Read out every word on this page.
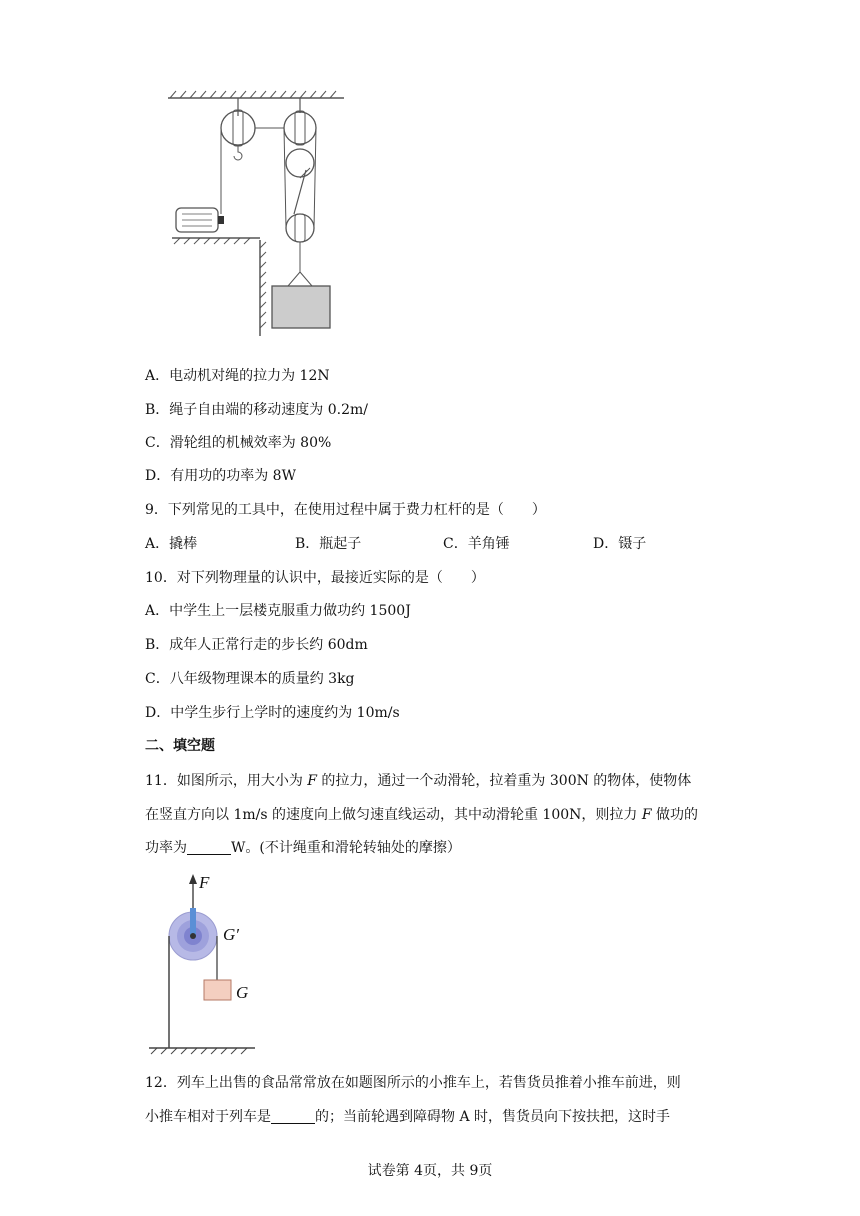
A．电动机对绳的拉力为 12N

B．绳子自由端的移动速度为 0.2m/

C．滑轮组的机械效率为 80%

D．有用功的功率为 8W

9．下列常见的工具中，在使用过程中属于费力杠杆的是（　　）

A．撬棒	B．瓶起子	C．羊角锤	D．镊子

10．对下列物理量的认识中，最接近实际的是（　　）

A．中学生上一层楼克服重力做功约 1500J

B．成年人正常行走的步长约 60dm

C．八年级物理课本的质量约 3kg

D．中学生步行上学时的速度约为 10m/s

二、填空题

11．如图所示，用大小为 F 的拉力，通过一个动滑轮，拉着重为 300N 的物体，使物体

在竖直方向以 1m/s 的速度向上做匀速直线运动，其中动滑轮重 100N，则拉力 F 做功的

功率为	W。(不计绳重和滑轮转轴处的摩擦）

F
G′
G

12．列车上出售的食品常常放在如题图所示的小推车上，若售货员推着小推车前进，则

小推车相对于列车是	的；当前轮遇到障碍物 A 时，售货员向下按扶把，这时手

试卷第 4页，共 9页
